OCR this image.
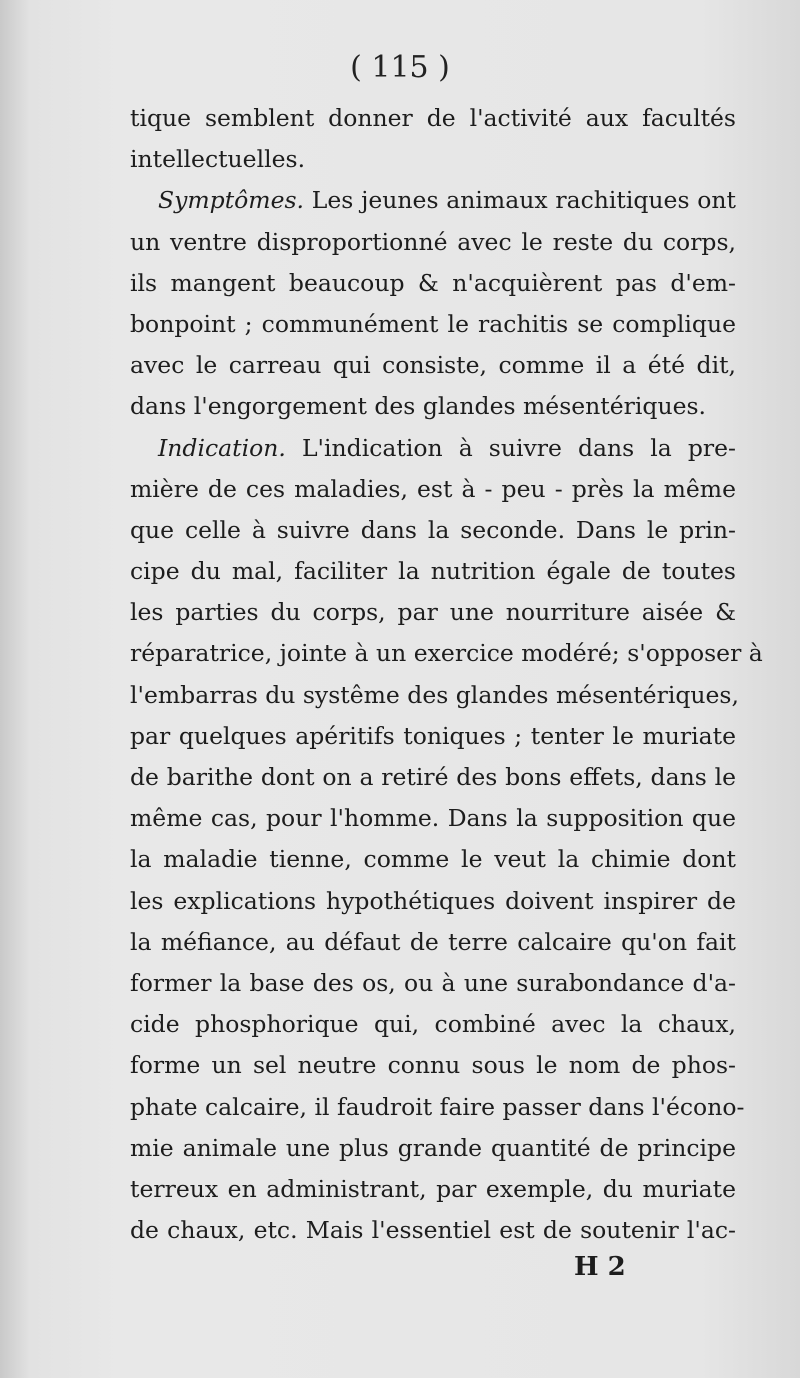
( 115 )
tique semblent donner de l'activité aux facultés
intellectuelles.
Symptômes. Les jeunes animaux rachitiques ont
un ventre disproportionné avec le reste du corps,
ils mangent beaucoup & n'acquièrent pas d'em-
bonpoint ; communément le rachitis se complique
avec le carreau qui consiste, comme il a été dit,
dans l'engorgement des glandes mésentériques.
Indication. L'indication à suivre dans la pre-
mière de ces maladies, est à - peu - près la même
que celle à suivre dans la seconde. Dans le prin-
cipe du mal, faciliter la nutrition égale de toutes
les parties du corps, par une nourriture aisée &
réparatrice, jointe à un exercice modéré; s'opposer à
l'embarras du systême des glandes mésentériques,
par quelques apéritifs toniques ; tenter le muriate
de barithe dont on a retiré des bons effets, dans le
même cas, pour l'homme. Dans la supposition que
la maladie tienne, comme le veut la chimie dont
les explications hypothétiques doivent inspirer de
la méfiance, au défaut de terre calcaire qu'on fait
former la base des os, ou à une surabondance d'a-
cide phosphorique qui, combiné avec la chaux,
forme un sel neutre connu sous le nom de phos-
phate calcaire, il faudroit faire passer dans l'écono-
mie animale une plus grande quantité de principe
terreux en administrant, par exemple, du muriate
de chaux, etc. Mais l'essentiel est de soutenir l'ac-
H 2
